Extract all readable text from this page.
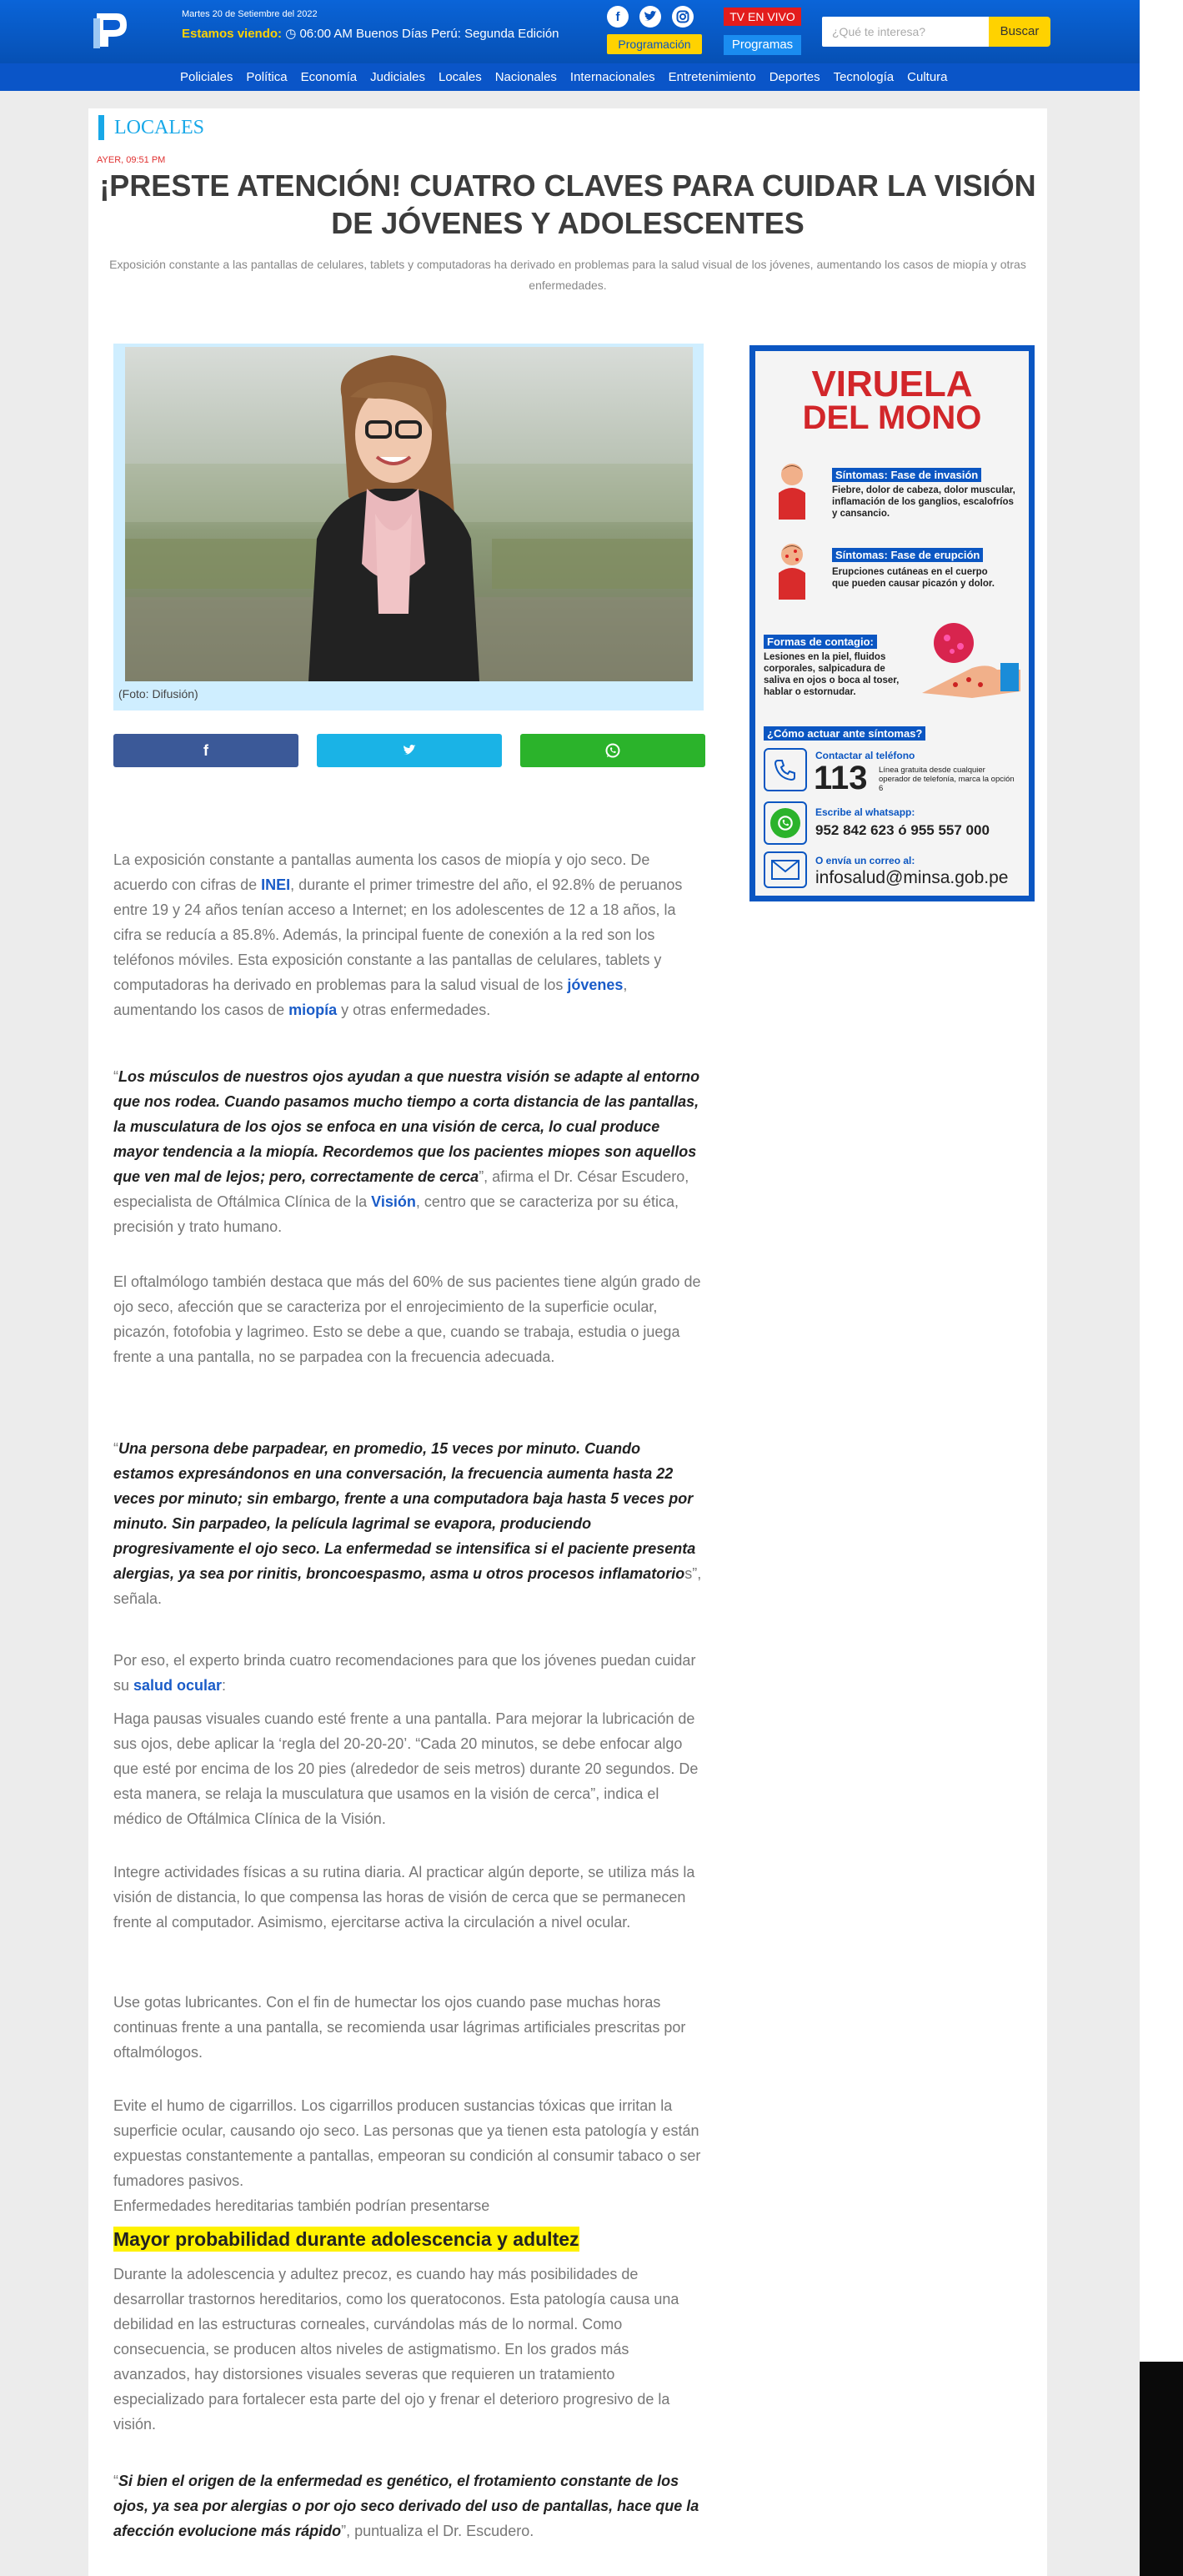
Martes 20 de Setiembre del 2022
Estamos viendo: ◷ 06:00 AM Buenos Días Perú: Segunda Edición
f
Programación
TV EN VIVO
Programas
¿Qué te interesa?
Buscar
Policiales	Política	Economía	Judiciales	Locales	Nacionales	Internacionales	Entretenimiento	Deportes	Tecnología	Cultura
LOCALES
AYER, 09:51 PM
¡PRESTE ATENCIÓN! CUATRO CLAVES PARA CUIDAR LA VISIÓN DE JÓVENES Y ADOLESCENTES

Exposición constante a las pantallas de celulares, tablets y computadoras ha derivado en problemas para la salud visual de los jóvenes, aumentando los casos de miopía y otras enfermedades.

(Foto: Difusión)
f
VIRUELA
DEL MONO
Síntomas: Fase de invasión
Fiebre, dolor de cabeza, dolor muscular, inflamación de los ganglios, escalofríos y cansancio.
Síntomas: Fase de erupción
Erupciones cutáneas en el cuerpo que pueden causar picazón y dolor.
Formas de contagio:
Lesiones en la piel, fluidos corporales, salpicadura de saliva en ojos o boca al toser, hablar o estornudar.
¿Cómo actuar ante síntomas?
Contactar al teléfono
113 Línea gratuita desde cualquier operador de telefonía, marca la opción 6
Escribe al whatsapp:
952 842 623 ó 955 557 000
O envía un correo al:
infosalud@minsa.gob.pe

La exposición constante a pantallas aumenta los casos de miopía y ojo seco. De acuerdo con cifras de INEI, durante el primer trimestre del año, el 92.8% de peruanos entre 19 y 24 años tenían acceso a Internet; en los adolescentes de 12 a 18 años, la cifra se reducía a 85.8%. Además, la principal fuente de conexión a la red son los teléfonos móviles. Esta exposición constante a las pantallas de celulares, tablets y computadoras ha derivado en problemas para la salud visual de los jóvenes, aumentando los casos de miopía y otras enfermedades.

“Los músculos de nuestros ojos ayudan a que nuestra visión se adapte al entorno que nos rodea. Cuando pasamos mucho tiempo a corta distancia de las pantallas, la musculatura de los ojos se enfoca en una visión de cerca, lo cual produce mayor tendencia a la miopía. Recordemos que los pacientes miopes son aquellos que ven mal de lejos; pero, correctamente de cerca”, afirma el Dr. César Escudero, especialista de Oftálmica Clínica de la Visión, centro que se caracteriza por su ética, precisión y trato humano.

El oftalmólogo también destaca que más del 60% de sus pacientes tiene algún grado de ojo seco, afección que se caracteriza por el enrojecimiento de la superficie ocular, picazón, fotofobia y lagrimeo. Esto se debe a que, cuando se trabaja, estudia o juega frente a una pantalla, no se parpadea con la frecuencia adecuada.

“Una persona debe parpadear, en promedio, 15 veces por minuto. Cuando estamos expresándonos en una conversación, la frecuencia aumenta hasta 22 veces por minuto; sin embargo, frente a una computadora baja hasta 5 veces por minuto. Sin parpadeo, la película lagrimal se evapora, produciendo progresivamente el ojo seco. La enfermedad se intensifica si el paciente presenta alergias, ya sea por rinitis, broncoespasmo, asma u otros procesos inflamatorios”, señala.

Por eso, el experto brinda cuatro recomendaciones para que los jóvenes puedan cuidar su salud ocular:

Haga pausas visuales cuando esté frente a una pantalla. Para mejorar la lubricación de sus ojos, debe aplicar la ‘regla del 20-20-20’. “Cada 20 minutos, se debe enfocar algo que esté por encima de los 20 pies (alrededor de seis metros) durante 20 segundos. De esta manera, se relaja la musculatura que usamos en la visión de cerca”, indica el médico de Oftálmica Clínica de la Visión.

Integre actividades físicas a su rutina diaria. Al practicar algún deporte, se utiliza más la visión de distancia, lo que compensa las horas de visión de cerca que se permanecen frente al computador. Asimismo, ejercitarse activa la circulación a nivel ocular.

Use gotas lubricantes. Con el fin de humectar los ojos cuando pase muchas horas continuas frente a una pantalla, se recomienda usar lágrimas artificiales prescritas por oftalmólogos.

Evite el humo de cigarrillos. Los cigarrillos producen sustancias tóxicas que irritan la superficie ocular, causando ojo seco. Las personas que ya tienen esta patología y están expuestas constantemente a pantallas, empeoran su condición al consumir tabaco o ser fumadores pasivos.

Enfermedades hereditarias también podrían presentarse

Mayor probabilidad durante adolescencia y adultez

Durante la adolescencia y adultez precoz, es cuando hay más posibilidades de desarrollar trastornos hereditarios, como los queratoconos. Esta patología causa una debilidad en las estructuras corneales, curvándolas más de lo normal. Como consecuencia, se producen altos niveles de astigmatismo. En los grados más avanzados, hay distorsiones visuales severas que requieren un tratamiento especializado para fortalecer esta parte del ojo y frenar el deterioro progresivo de la visión.

“Si bien el origen de la enfermedad es genético, el frotamiento constante de los ojos, ya sea por alergias o por ojo seco derivado del uso de pantallas, hace que la afección evolucione más rápido”, puntualiza el Dr. Escudero.
